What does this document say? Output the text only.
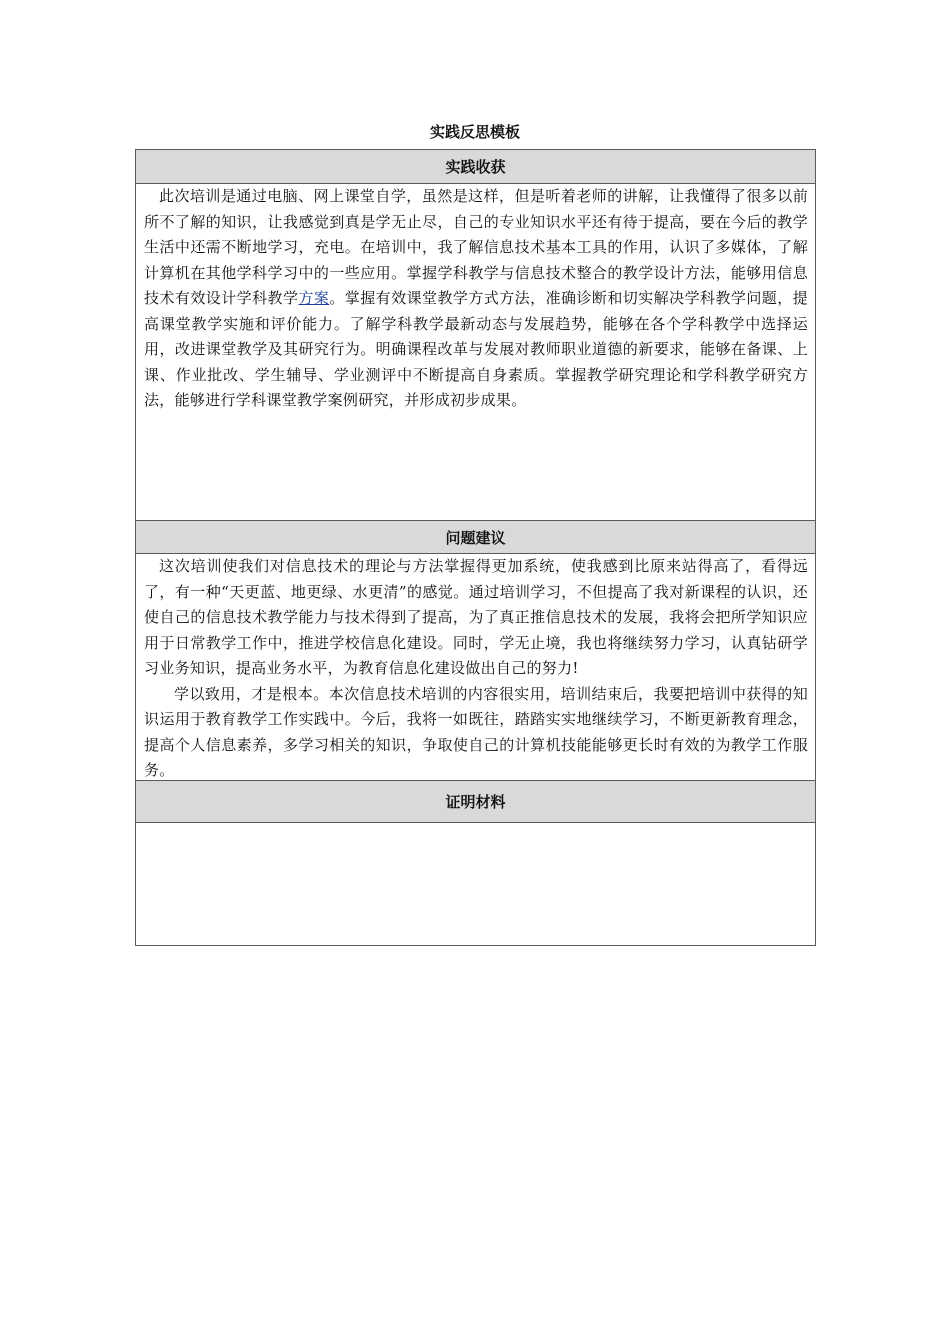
实践反思模板
实践收获

此次培训是通过电脑、网上课堂自学，虽然是这样，但是听着老师的讲解，让我懂得了很多以前所不了解的知识，让我感觉到真是学无止尽，自己的专业知识水平还有待于提高，要在今后的教学生活中还需不断地学习，充电。在培训中，我了解信息技术基本工具的作用，认识了多媒体，了解计算机在其他学科学习中的一些应用。掌握学科教学与信息技术整合的教学设计方法，能够用信息技术有效设计学科教学方案。掌握有效课堂教学方式方法，准确诊断和切实解决学科教学问题，提高课堂教学实施和评价能力。了解学科教学最新动态与发展趋势，能够在各个学科教学中选择运用，改进课堂教学及其研究行为。明确课程改革与发展对教师职业道德的新要求，能够在备课、上课、作业批改、学生辅导、学业测评中不断提高自身素质。掌握教学研究理论和学科教学研究方法，能够进行学科课堂教学案例研究，并形成初步成果。

问题建议

这次培训使我们对信息技术的理论与方法掌握得更加系统，使我感到比原来站得高了，看得远了，有一种“天更蓝、地更绿、水更清”的感觉。通过培训学习，不但提高了我对新课程的认识，还使自己的信息技术教学能力与技术得到了提高，为了真正推信息技术的发展，我将会把所学知识应用于日常教学工作中，推进学校信息化建设。同时，学无止境，我也将继续努力学习，认真钻研学习业务知识，提高业务水平，为教育信息化建设做出自己的努力!

学以致用，才是根本。本次信息技术培训的内容很实用，培训结束后，我要把培训中获得的知识运用于教育教学工作实践中。今后，我将一如既往，踏踏实实地继续学习，不断更新教育理念，提高个人信息素养，多学习相关的知识，争取使自己的计算机技能能够更长时有效的为教学工作服务。

证明材料
